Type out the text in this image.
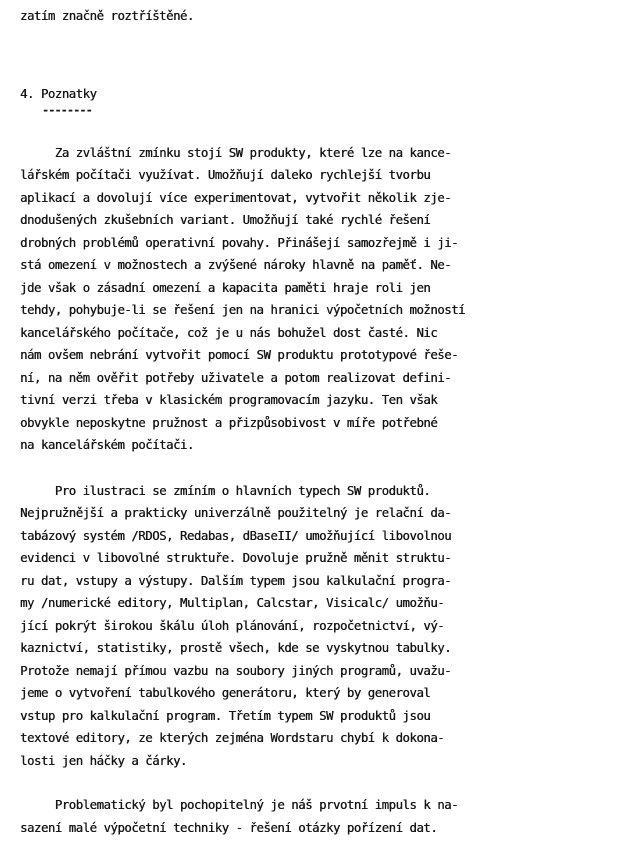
zatím značně roztříštěné.

4. Poznatky

--------

Za zvláštní zmínku stojí SW produkty, které lze na kance-

lářském počítači využívat. Umožňují daleko rychlejší tvorbu

aplikací a dovolují více experimentovat, vytvořit několik zje-

dnodušených zkušebních variant. Umožňují také rychlé řešení

drobných problémů operativní povahy. Přinášejí samozřejmě i ji-

stá omezení v možnostech a zvýšené nároky hlavně na paměť. Ne-

jde však o zásadní omezení a kapacita paměti hraje roli jen

tehdy, pohybuje-li se řešení jen na hranici výpočetních možností

kancelářského počítače, což je u nás bohužel dost časté. Nic

nám ovšem nebrání vytvořit pomocí SW produktu prototypové řeše-

ní, na něm ověřit potřeby uživatele a potom realizovat defini-

tivní verzi třeba v klasickém programovacím jazyku. Ten však

obvykle neposkytne pružnost a přizpůsobivost v míře potřebné

na kancelářském počítači.

Pro ilustraci se zmíním o hlavních typech SW produktů.

Nejpružnější a prakticky univerzálně použitelný je relační da-

tabázový systém /RDOS, Redabas, dBaseII/ umožňující libovolnou

evidenci v libovolné struktuře. Dovoluje pružně měnit struktu-

ru dat, vstupy a výstupy. Dalším typem jsou kalkulační progra-

my /numerické editory, Multiplan, Calcstar, Visicalc/ umožňu-

jící pokrýt širokou škálu úloh plánování, rozpočetnictví, vý-

kaznictví, statistiky, prostě všech, kde se vyskytnou tabulky.

Protože nemají přímou vazbu na soubory jiných programů, uvažu-

jeme o vytvoření tabulkového generátoru, který by generoval

vstup pro kalkulační program. Třetím typem SW produktů jsou

textové editory, ze kterých zejména Wordstaru chybí k dokona-

losti jen háčky a čárky.

Problematický byl pochopitelný je náš prvotní impuls k na-

sazení malé výpočetní techniky - řešení otázky pořízení dat.
